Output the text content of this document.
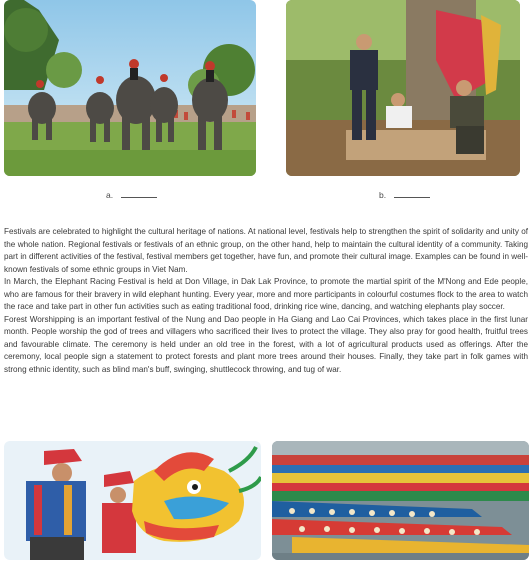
a.	b.

Festivals are celebrated to highlight the cultural heritage of nations. At national level, festivals help to strengthen the spirit of solidarity and unity of the whole nation. Regional festivals or festivals of an ethnic group, on the other hand, help to maintain the cultural identity of a community. Taking part in different activities of the festival, festival members get together, have fun, and promote their cultural image. Examples can be found in well-known festivals of some ethnic groups in Viet Nam.

In March, the Elephant Racing Festival is held at Don Village, in Dak Lak Province, to promote the martial spirit of the M'Nong and Ede people, who are famous for their bravery in wild elephant hunting. Every year, more and more participants in colourful costumes flock to the area to watch the race and take part in other fun activities such as eating traditional food, drinking rice wine, dancing, and watching elephants play soccer.

Forest Worshipping is an important festival of the Nung and Dao people in Ha Giang and Lao Cai Provinces, which takes place in the first lunar month. People worship the god of trees and villagers who sacrificed their lives to protect the village. They also pray for good health, fruitful trees and favourable climate. The ceremony is held under an old tree in the forest, with a lot of agricultural products used as offerings. After the ceremony, local people sign a statement to protect forests and plant more trees around their houses. Finally, they take part in folk games with strong ethnic identity, such as blind man's buff, swinging, shuttlecock throwing, and tug of war.
